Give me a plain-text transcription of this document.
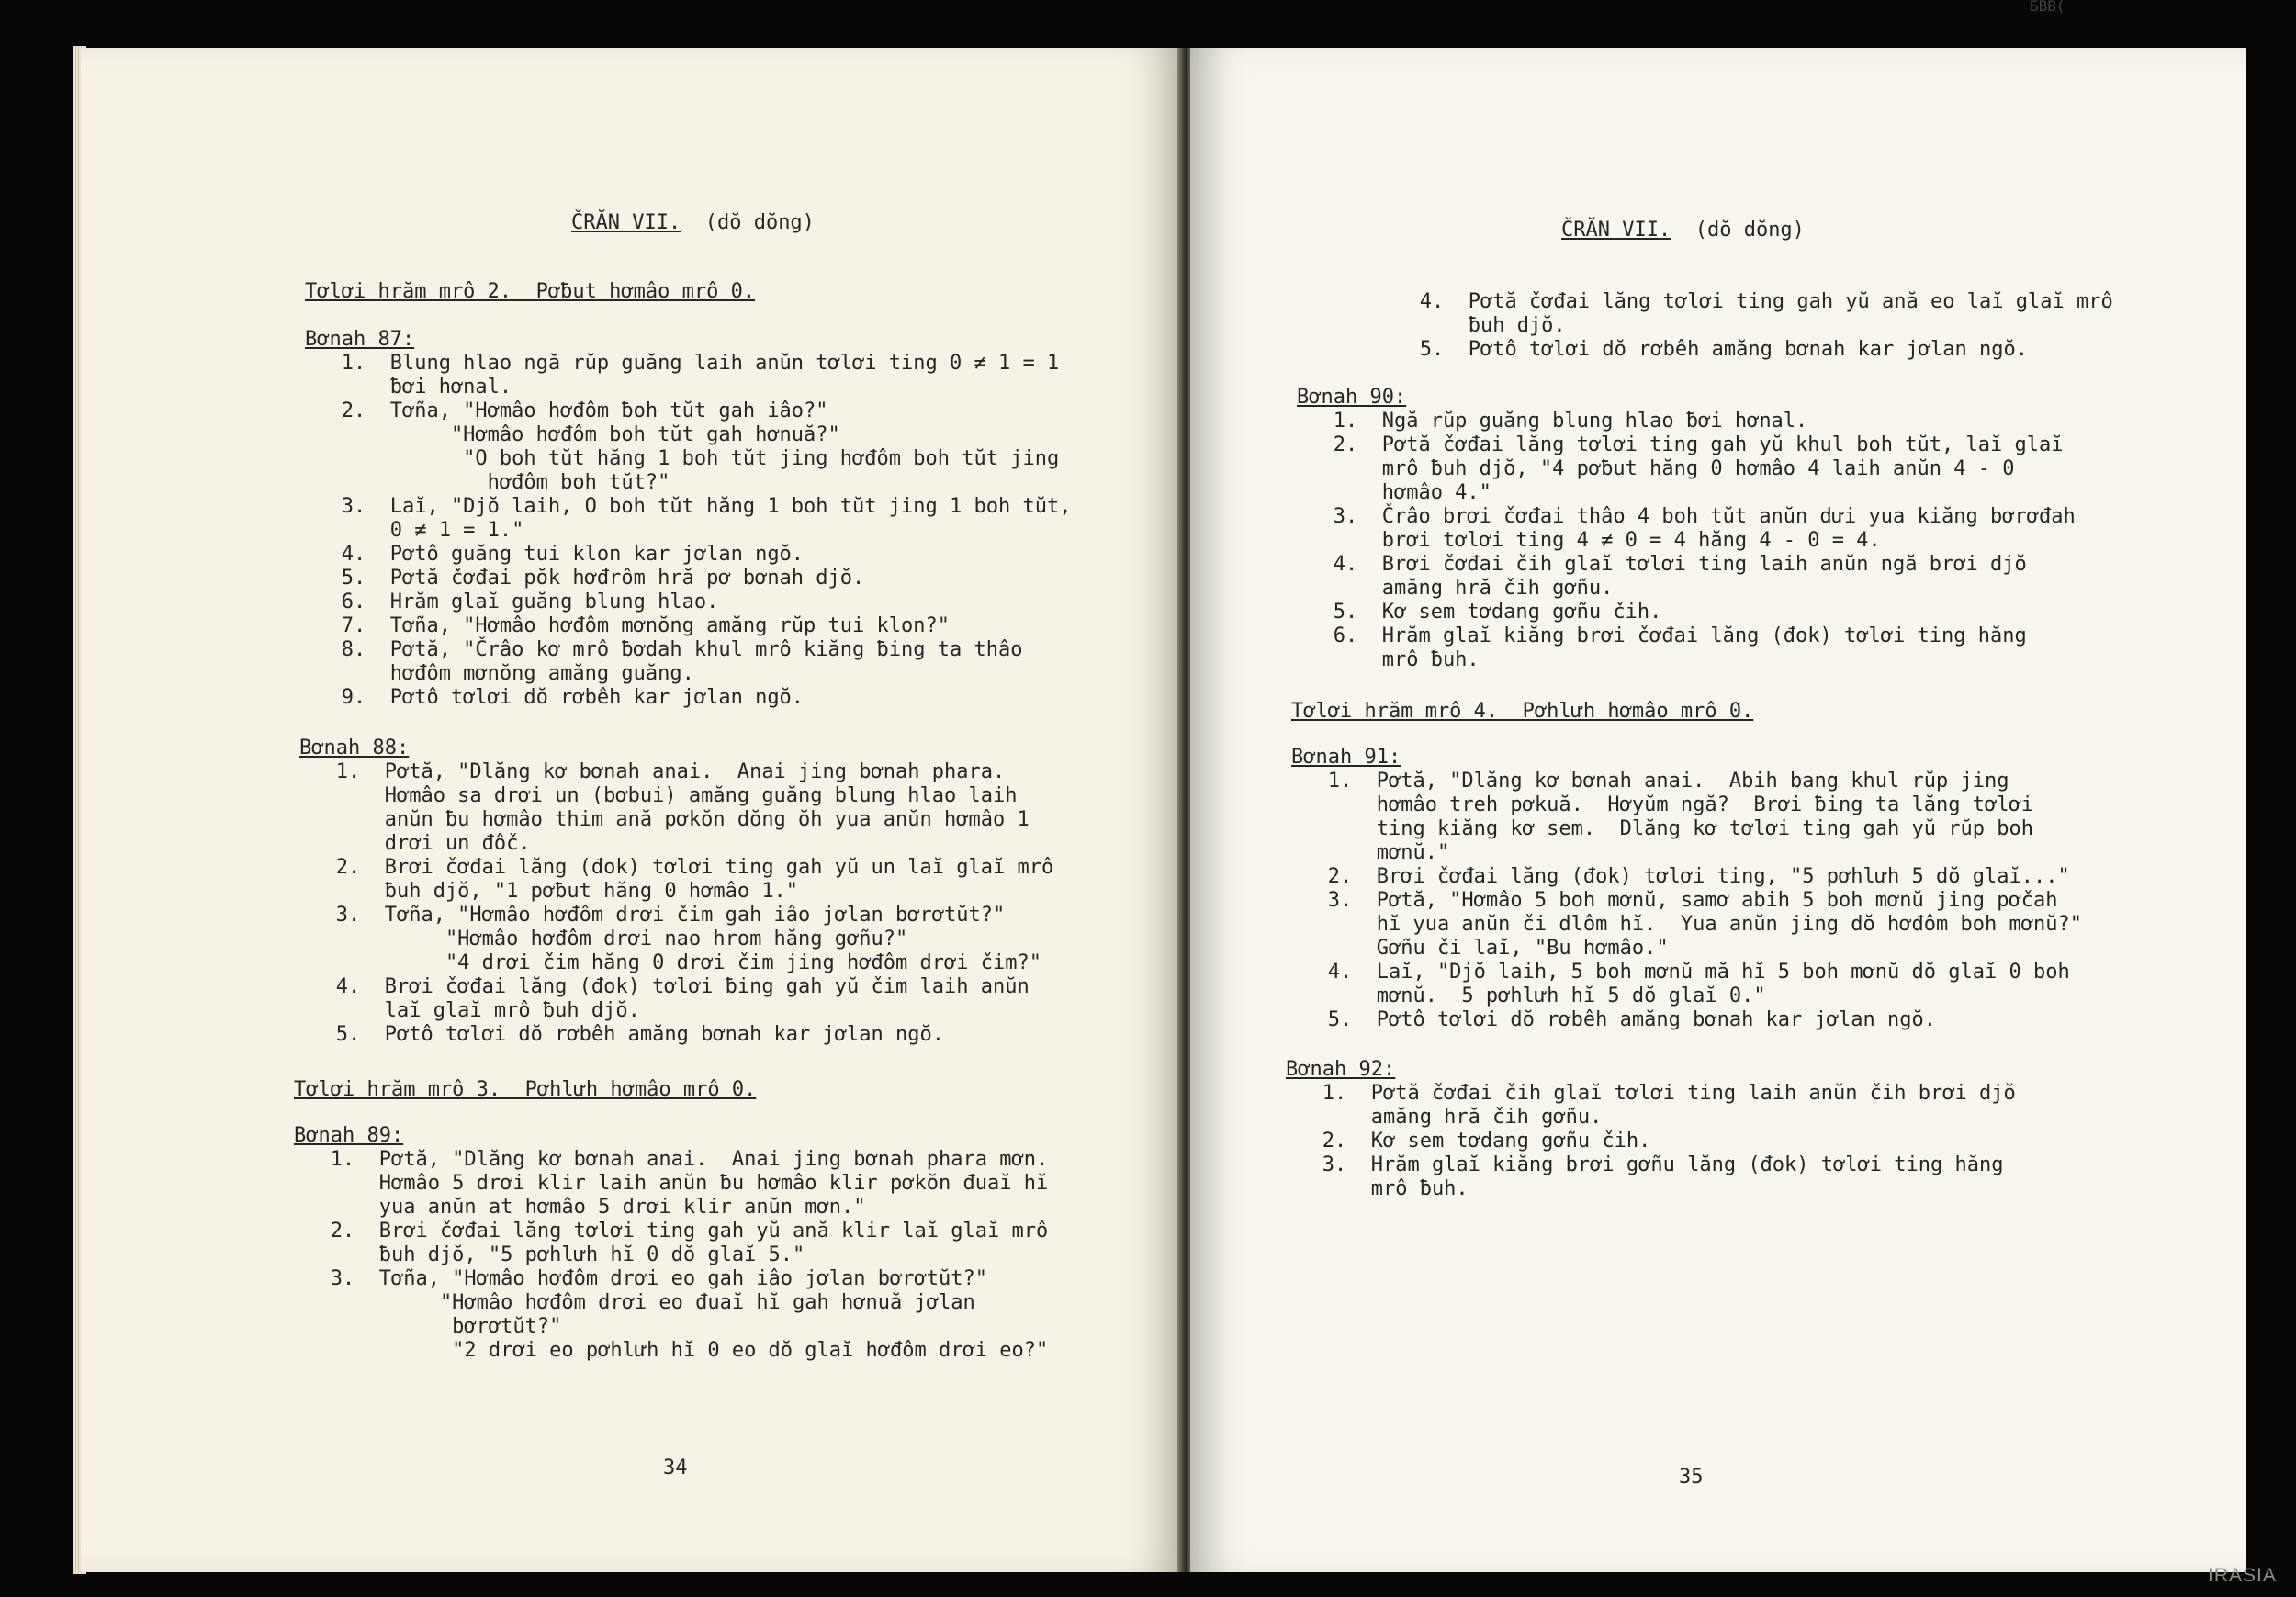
ČRĂN VII. (dŏ dŏng)
Tơlơi hrăm mrô 2.  Pơƀut hơmâo mrô 0.
Bơnah 87:
1.  Blung hlao ngă rŭp guăng laih anŭn tơlơi ting 0 ≠ 1 = 1
ƀơi hơnal.
2.  Tơña, "Hơmâo hơđôm ƀoh tŭt gah iâo?"
"Hơmâo hơđôm boh tŭt gah hơnuă?"
"O boh tŭt hăng 1 boh tŭt jing hơđôm boh tŭt jing
hơđôm boh tŭt?"
3.  Laĭ, "Djŏ laih, O boh tŭt hăng 1 boh tŭt jing 1 boh tŭt,
0 ≠ 1 = 1."
4.  Pơtô guăng tui klon kar jơlan ngŏ.
5.  Pơtă čơđai pŏk hơđrôm hră pơ bơnah djŏ.
6.  Hrăm glaĭ guăng blung hlao.
7.  Tơña, "Hơmâo hơđôm mơnŏng amăng rŭp tui klon?"
8.  Pơtă, "Črâo kơ mrô ƀơdah khul mrô kiăng ƀing ta thâo
hơđôm mơnŏng amăng guăng.
9.  Pơtô tơlơi dŏ rơbêh kar jơlan ngŏ.
Bơnah 88:
1.  Pơtă, "Dlăng kơ bơnah anai.  Anai jing bơnah phara.
Hơmâo sa drơi un (bơbui) amăng guăng blung hlao laih
anŭn ƀu hơmâo thim ană pơkŏn dŏng ŏh yua anŭn hơmâo 1
drơi un đôč.
2.  Brơi čơđai lăng (đok) tơlơi ting gah yŭ un laĭ glaĭ mrô
ƀuh djŏ, "1 pơƀut hăng 0 hơmâo 1."
3.  Tơña, "Hơmâo hơđôm drơi čim gah iâo jơlan bơrơtŭt?"
"Hơmâo hơđôm drơi nao hrom hăng gơñu?"
"4 drơi čim hăng 0 drơi čim jing hơđôm drơi čim?"
4.  Brơi čơđai lăng (đok) tơlơi ƀing gah yŭ čim laih anŭn
laĭ glaĭ mrô ƀuh djŏ.
5.  Pơtô tơlơi dŏ rơbêh amăng bơnah kar jơlan ngŏ.
Tơlơi hrăm mrô 3.  Pơhlưh hơmâo mrô 0.
Bơnah 89:
1.  Pơtă, "Dlăng kơ bơnah anai.  Anai jing bơnah phara mơn.
Hơmâo 5 drơi klir laih anŭn ƀu hơmâo klir pơkŏn đuaĭ hĭ
yua anŭn at hơmâo 5 drơi klir anŭn mơn."
2.  Brơi čơđai lăng tơlơi ting gah yŭ ană klir laĭ glaĭ mrô
ƀuh djŏ, "5 pơhlưh hĭ 0 dŏ glaĭ 5."
3.  Tơña, "Hơmâo hơđôm drơi eo gah iâo jơlan bơrơtŭt?"
"Hơmâo hơđôm drơi eo đuaĭ hĭ gah hơnuă jơlan
bơrơtŭt?"
"2 drơi eo pơhlưh hĭ 0 eo dŏ glaĭ hơđôm drơi eo?"
34
ČRĂN VII. (dŏ dŏng)
4.  Pơtă čơđai lăng tơlơi ting gah yŭ ană eo laĭ glaĭ mrô
ƀuh djŏ.
5.  Pơtô tơlơi dŏ rơbêh amăng bơnah kar jơlan ngŏ.
Bơnah 90:
1.  Ngă rŭp guăng blung hlao ƀơi hơnal.
2.  Pơtă čơđai lăng tơlơi ting gah yŭ khul boh tŭt, laĭ glaĭ
mrô ƀuh djŏ, "4 pơƀut hăng 0 hơmâo 4 laih anŭn 4 - 0
hơmâo 4."
3.  Črâo brơi čơđai thâo 4 boh tŭt anŭn dưi yua kiăng bơrơđah
brơi tơlơi ting 4 ≠ 0 = 4 hăng 4 - 0 = 4.
4.  Brơi čơđai čih glaĭ tơlơi ting laih anŭn ngă brơi djŏ
amăng hră čih gơñu.
5.  Kơ sem tơdang gơñu čih.
6.  Hrăm glaĭ kiăng brơi čơđai lăng (đok) tơlơi ting hăng
mrô ƀuh.
Tơlơi hrăm mrô 4.  Pơhlưh hơmâo mrô 0.
Bơnah 91:
1.  Pơtă, "Dlăng kơ bơnah anai.  Abih bang khul rŭp jing
hơmâo treh pơkuă.  Hơyŭm ngă?  Brơi ƀing ta lăng tơlơi
ting kiăng kơ sem.  Dlăng kơ tơlơi ting gah yŭ rŭp boh
mơnŭ."
2.  Brơi čơđai lăng (đok) tơlơi ting, "5 pơhlưh 5 dŏ glaĭ..."
3.  Pơtă, "Hơmâo 5 boh mơnŭ, samơ abih 5 boh mơnŭ jing pơčah
hĭ yua anŭn či dlôm hĭ.  Yua anŭn jing dŏ hơđôm boh mơnŭ?"
Gơñu či laĭ, "Ƀu hơmâo."
4.  Laĭ, "Djŏ laih, 5 boh mơnŭ mă hĭ 5 boh mơnŭ dŏ glaĭ 0 boh
mơnŭ.  5 pơhlưh hĭ 5 dŏ glaĭ 0."
5.  Pơtô tơlơi dŏ rơbêh amăng bơnah kar jơlan ngŏ.
Bơnah 92:
1.  Pơtă čơđai čih glaĭ tơlơi ting laih anŭn čih brơi djŏ
amăng hră čih gơñu.
2.  Kơ sem tơdang gơñu čih.
3.  Hrăm glaĭ kiăng brơi gơñu lăng (đok) tơlơi ting hăng
mrô ƀuh.
35
ƂBB(
IRASIA
